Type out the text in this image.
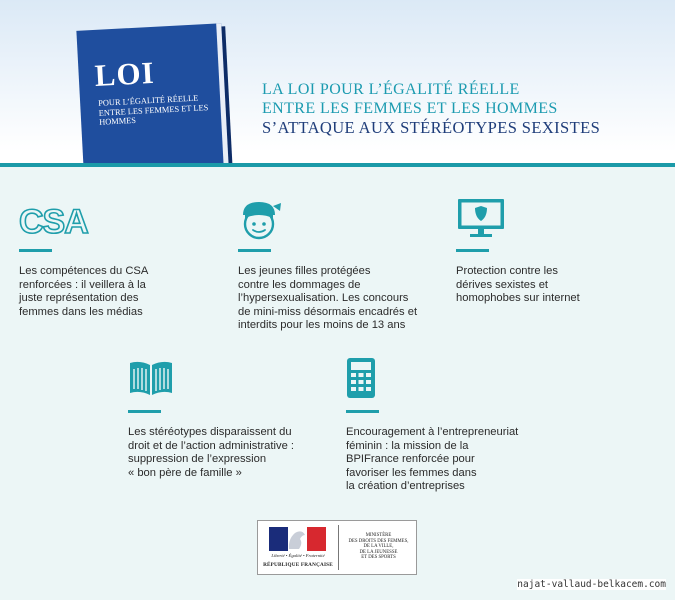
LOI
POUR L’ÉGALITÉ RÉELLE ENTRE LES FEMMES ET LES HOMMES
LA LOI POUR L’ÉGALITÉ RÉELLE
ENTRE LES FEMMES ET LES HOMMES
S’ATTAQUE AUX STÉRÉOTYPES SEXISTES
CSA
Les compétences du CSA
renforcées : il veillera à la
juste représentation des
femmes dans les médias
Les jeunes filles protégées
contre les dommages de
l’hypersexualisation. Les concours
de mini-miss désormais encadrés et
interdits pour les moins de 13 ans
Protection contre les
dérives sexistes et
homophobes sur internet
Les stéréotypes disparaissent du
droit et de l’action administrative :
suppression de l’expression
« bon père de famille »
Encouragement à l’entrepreneuriat
féminin : la mission de la
BPIFrance renforcée pour
favoriser les femmes dans
la création d’entreprises
Liberté • Égalité • Fraternité
RÉPUBLIQUE FRANÇAISE
MINISTÈRE
DES DROITS DES FEMMES,
DE LA VILLE,
DE LA JEUNESSE
ET DES SPORTS
najat-vallaud-belkacem.com
